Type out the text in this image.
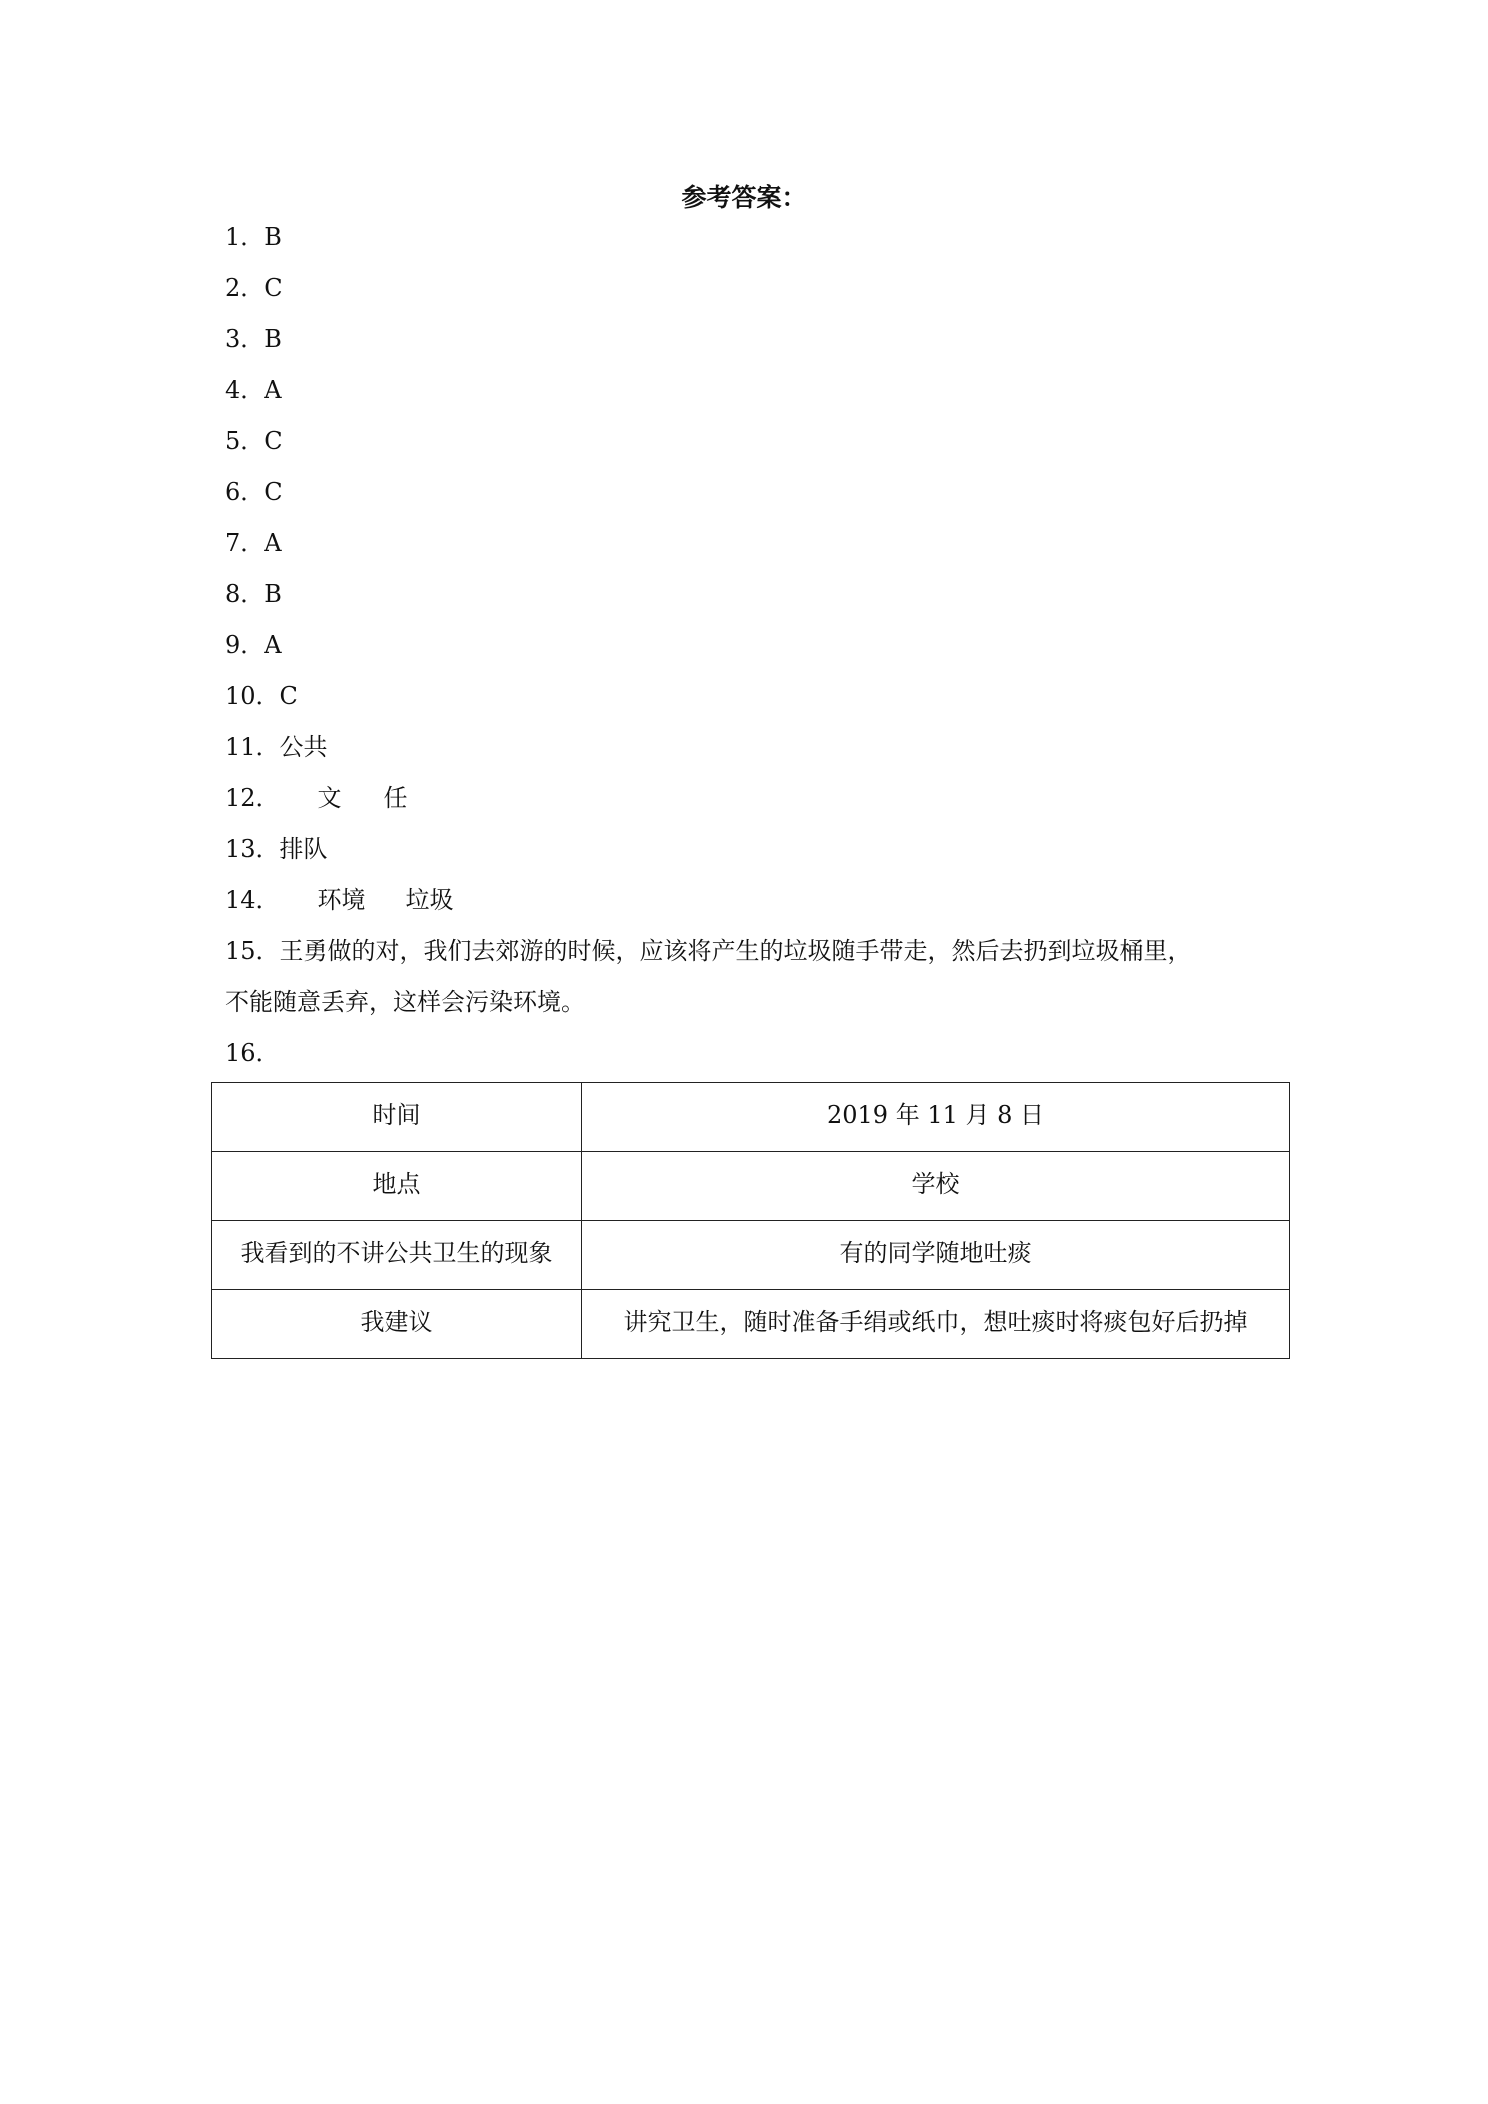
参考答案：
1．B
2．C
3．B
4．A
5．C
6．C
7．A
8．B
9．A
10．C
11．公共
12． 文 任
13．排队
14． 环境 垃圾
15．王勇做的对，我们去郊游的时候，应该将产生的垃圾随手带走，然后去扔到垃圾桶里，
不能随意丢弃，这样会污染环境。
16．
时间	2019 年 11 月 8 日
地点	学校
我看到的不讲公共卫生的现象	有的同学随地吐痰
我建议	讲究卫生，随时准备手绢或纸巾，想吐痰时将痰包好后扔掉
